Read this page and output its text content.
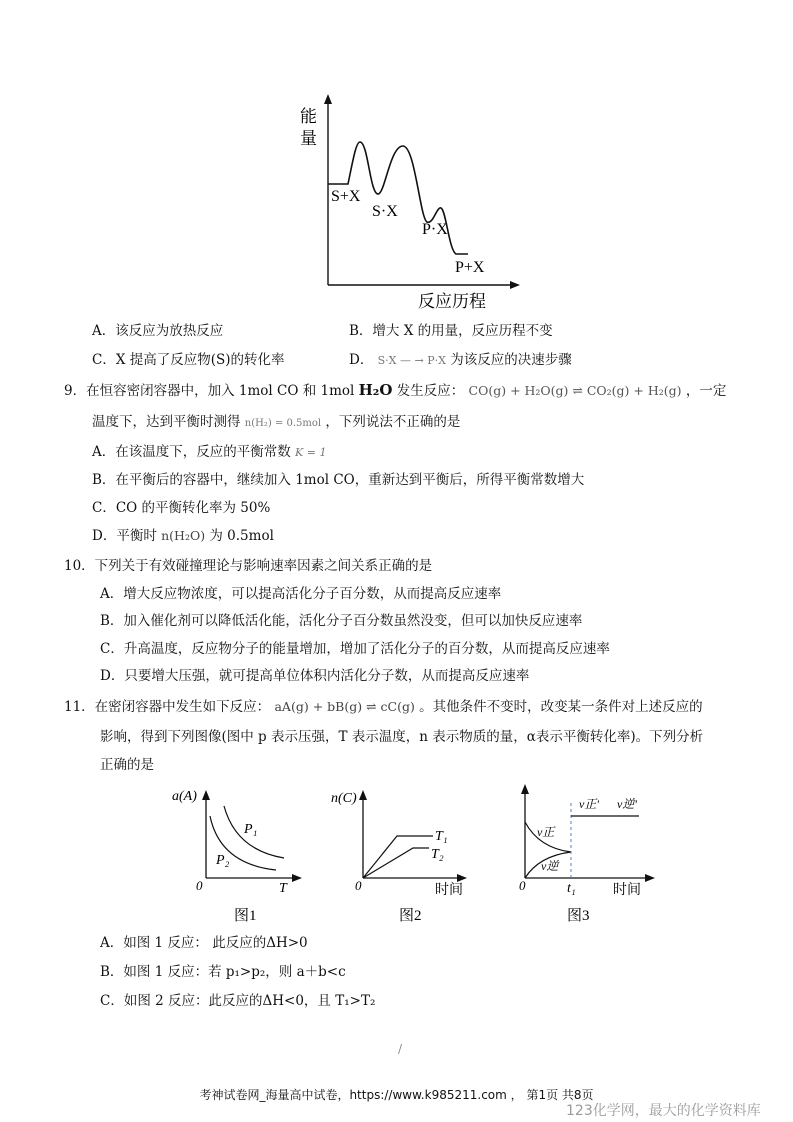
能
量
S+X
S·X
P·X
P+X
反应历程
A．该反应为放热反应	B．增大 X 的用量，反应历程不变
C．X 提高了反应物(S)的转化率	D． S·X — → P·X 为该反应的决速步骤
9．在恒容密闭容器中，加入 1mol CO 和 1mol H₂O 发生反应： CO(g) + H₂O(g) ⇌ CO₂(g) + H₂(g) ，一定
温度下，达到平衡时测得 n(H₂) = 0.5mol ，下列说法不正确的是
A．在该温度下，反应的平衡常数 K = 1
B．在平衡后的容器中，继续加入 1mol CO，重新达到平衡后，所得平衡常数增大
C．CO 的平衡转化率为 50%
D．平衡时 n(H₂O) 为 0.5mol
10．下列关于有效碰撞理论与影响速率因素之间关系正确的是
A．增大反应物浓度，可以提高活化分子百分数，从而提高反应速率
B．加入催化剂可以降低活化能，活化分子百分数虽然没变，但可以加快反应速率
C．升高温度，反应物分子的能量增加，增加了活化分子的百分数，从而提高反应速率
D．只要增大压强，就可提高单位体积内活化分子数，从而提高反应速率
11．在密闭容器中发生如下反应： aA(g) + bB(g) ⇌ cC(g) 。其他条件不变时，改变某一条件对上述反应的
影响，得到下列图像(图中 p 表示压强，T 表示温度，n 表示物质的量，α表示平衡转化率)。下列分析
正确的是
a(A)
P₁
P₂
0	T
图1
n(C)
T₁
T₂
0	时间
图2
v正
v逆
v正′ v逆′
0	t₁	时间
图3
A．如图 1 反应： 此反应的ΔH>0
B．如图 1 反应：若 p₁>p₂，则 a＋b<c
C．如图 2 反应：此反应的ΔH<0，且 T₁>T₂
/
考神试卷网_海量高中试卷，https://www.k985211.com ， 第1页 共8页
123化学网，最大的化学资料库
